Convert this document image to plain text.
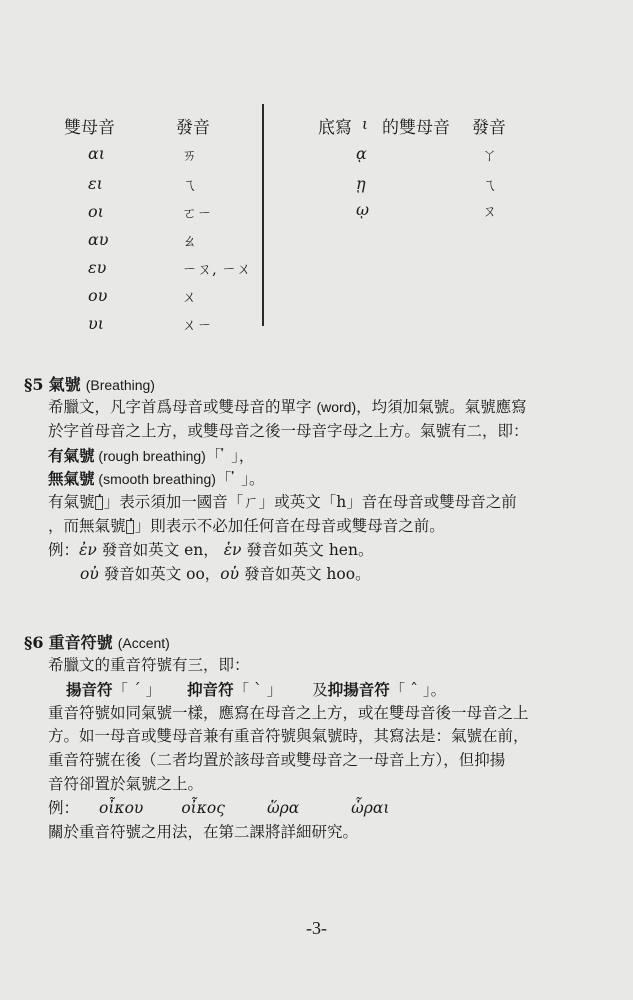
雙母音	發音	底寫 ι 的雙母音 發音
αι	ㄞ
ει	ㄟ
οι	ㄛㄧ
αυ	ㄠ
ευ	ㄧㄡ, ㄧㄨ
ου	ㄨ
υι	ㄨㄧ
ᾳ	ㄚ
ῃ	ㄟ
ῳ	ㄡ
§5 氣號 (Breathing)
希臘文，凡字首爲母音或雙母音的單字 (word)，均須加氣號。氣號應寫
於字首母音之上方，或雙母音之後一母音字母之上方。氣號有二，即：
有氣號 (rough breathing)「 ̔ 」，
無氣號 (smooth breathing)「 ̓ 」。
有氣號「̔」表示須加一國音「ㄏ」或英文「h」音在母音或雙母音之前
，而無氣號「̓」則表示不必加任何音在母音或雙母音之前。
例：ἐν 發音如英文 en， ἑν 發音如英文 hen。
οὐ 發音如英文 oo，οὑ 發音如英文 hoo。
§6 重音符號 (Accent)
希臘文的重音符號有三，即：
揚音符「 ΄ 」 抑音符「 ` 」 及抑揚音符「 ˆ 」。
重音符號如同氣號一樣，應寫在母音之上方，或在雙母音後一母音之上
方。如一母音或雙母音兼有重音符號與氣號時，其寫法是：氣號在前，
重音符號在後（二者均置於該母音或雙母音之一母音上方），但抑揚
音符卻置於氣號之上。
例： οἶκου οἶκος	ὥρα	ὧραι
關於重音符號之用法，在第二課將詳細研究。
-3-
